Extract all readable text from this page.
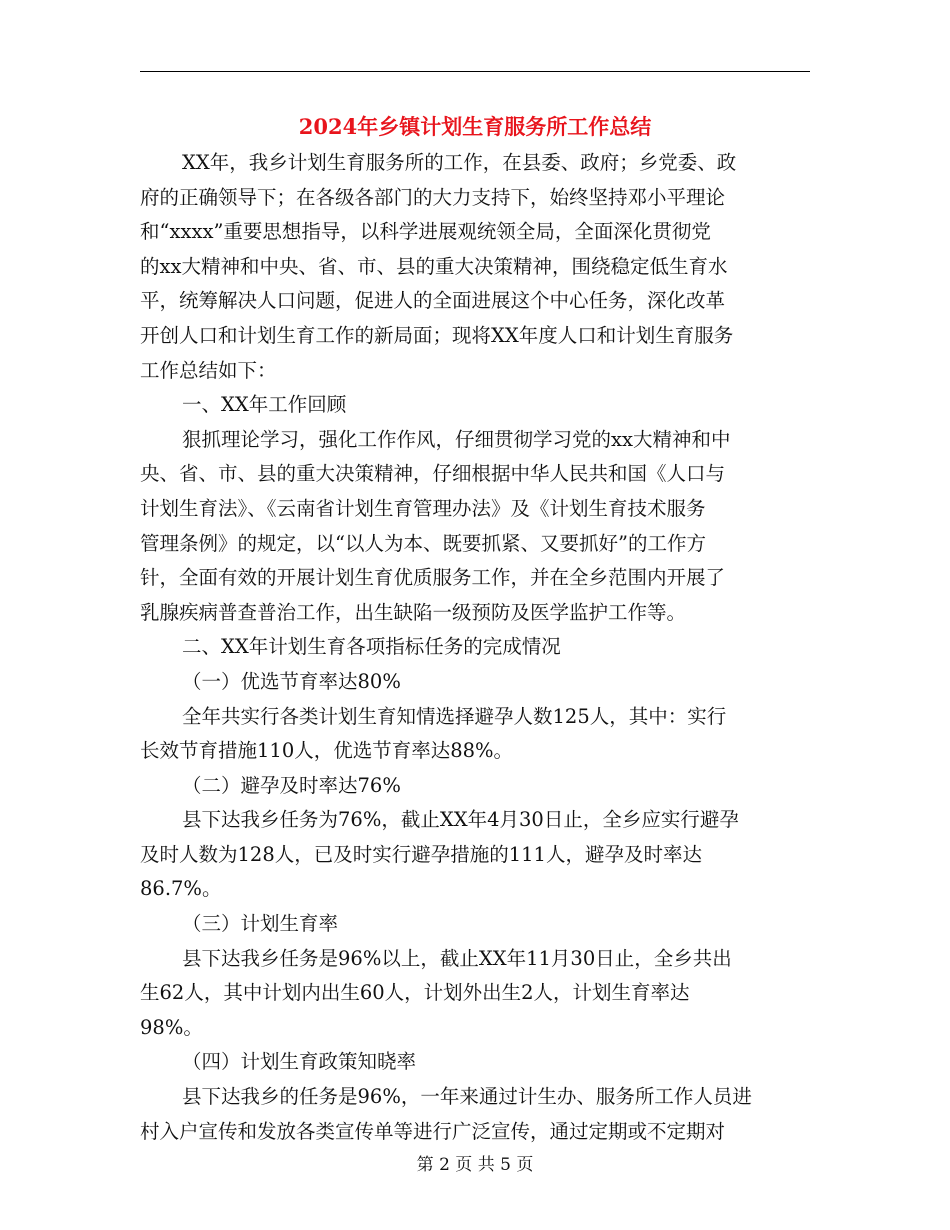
2024年乡镇计划生育服务所工作总结
XX年，我乡计划生育服务所的工作，在县委、政府；乡党委、政
府的正确领导下；在各级各部门的大力支持下，始终坚持邓小平理论
和“xxxx”重要思想指导，以科学进展观统领全局，全面深化贯彻党
的xx大精神和中央、省、市、县的重大决策精神，围绕稳定低生育水
平，统筹解决人口问题，促进人的全面进展这个中心任务，深化改革
开创人口和计划生育工作的新局面；现将XX年度人口和计划生育服务
工作总结如下：
一、XX年工作回顾
狠抓理论学习，强化工作作风，仔细贯彻学习党的xx大精神和中
央、省、市、县的重大决策精神，仔细根据中华人民共和国《人口与
计划生育法》、《云南省计划生育管理办法》及《计划生育技术服务
管理条例》的规定，以“以人为本、既要抓紧、又要抓好”的工作方
针，全面有效的开展计划生育优质服务工作，并在全乡范围内开展了
乳腺疾病普查普治工作，出生缺陷一级预防及医学监护工作等。
二、XX年计划生育各项指标任务的完成情况
（一）优选节育率达80%
全年共实行各类计划生育知情选择避孕人数125人，其中：实行
长效节育措施110人，优选节育率达88%。
（二）避孕及时率达76%
县下达我乡任务为76%，截止XX年4月30日止，全乡应实行避孕
及时人数为128人，已及时实行避孕措施的111人，避孕及时率达
86.7%。
（三）计划生育率
县下达我乡任务是96%以上，截止XX年11月30日止，全乡共出
生62人，其中计划内出生60人，计划外出生2人，计划生育率达
98%。
（四）计划生育政策知晓率
县下达我乡的任务是96%，一年来通过计生办、服务所工作人员进
村入户宣传和发放各类宣传单等进行广泛宣传，通过定期或不定期对
第 2 页 共 5 页
